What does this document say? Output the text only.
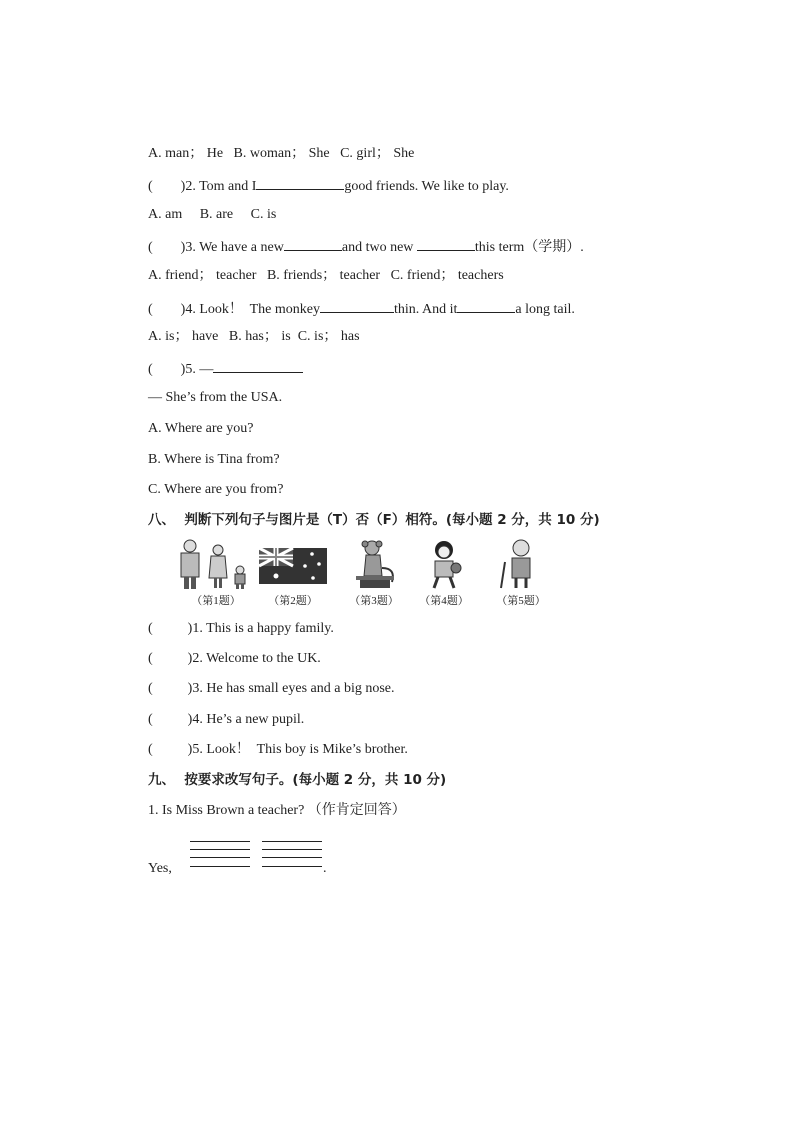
A. man； He   B. woman； She   C. girl； She
(        )2. Tom and I	good friends. We like to play.
A. am     B. are     C. is
(        )3. We have a new	and two new	this term（学期）.
A. friend； teacher   B. friends； teacher   C. friend； teachers
(        )4. Look！  The monkey	thin. And it	a long tail.
A. is； have   B. has； is  C. is； has
(        )5. —
— She’s from the USA.
A. Where are you?
B. Where is Tina from?
C. Where are you from?
八、  判断下列句子与图片是（T）否（F）相符。(每小题 2 分，共 10 分)
（第1题）	（第2题）	（第3题）	（第4题）	（第5题）
(          )1. This is a happy family.
(          )2. Welcome to the UK.
(          )3. He has small eyes and a big nose.
(          )4. He’s a new pupil.
(          )5. Look！  This boy is Mike’s brother.
九、  按要求改写句子。(每小题 2 分，共 10 分)
1. Is Miss Brown a teacher? （作肯定回答）
Yes,	.
